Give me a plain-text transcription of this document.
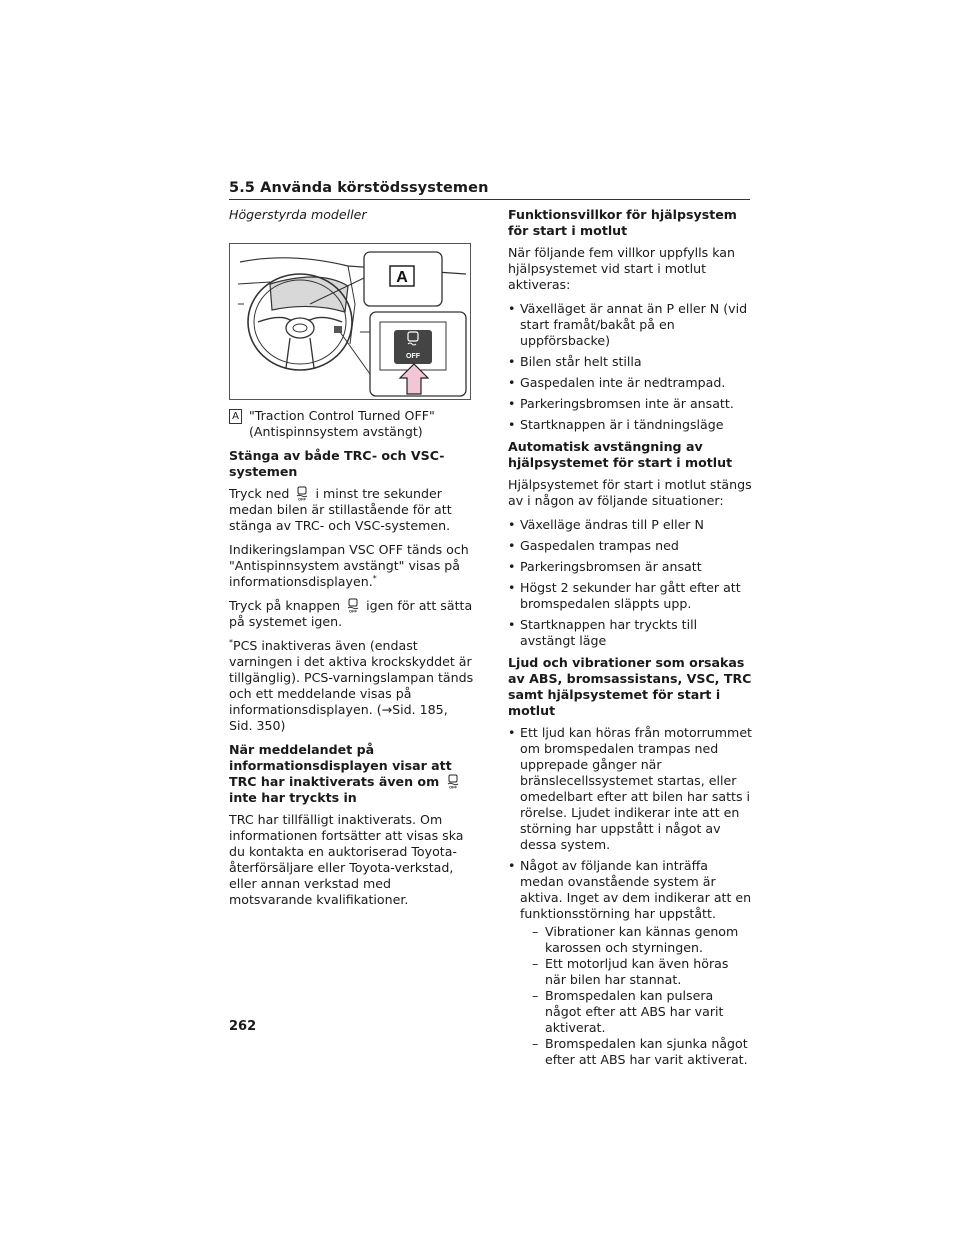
5.5 Använda körstödssystemen

Högerstyrda modeller

A
OFF
A "Traction Control Turned OFF" (Antispinnsystem avstängt)

Stänga av både TRC- och VSC-systemen

Tryck ned OFF i minst tre sekunder medan bilen är stillastående för att stänga av TRC- och VSC-systemen.

Indikeringslampan VSC OFF tänds och "Antispinnsystem avstängt" visas på informationsdisplayen.*

Tryck på knappen OFF igen för att sätta på systemet igen.

*PCS inaktiveras även (endast varningen i det aktiva krockskyddet är tillgänglig). PCS-varningslampan tänds och ett meddelande visas på informationsdisplayen. (→Sid. 185, Sid. 350)

När meddelandet på informationsdisplayen visar att TRC har inaktiverats även om OFF
inte har tryckts in

TRC har tillfälligt inaktiverats. Om informationen fortsätter att visas ska du kontakta en auktoriserad Toyota-återförsäljare eller Toyota-verkstad, eller annan verkstad med motsvarande kvalifikationer.

Funktionsvillkor för hjälpsystem för start i motlut

När följande fem villkor uppfylls kan hjälpsystemet vid start i motlut aktiveras:

• Växelläget är annat än P eller N (vid start framåt/bakåt på en uppförsbacke)
• Bilen står helt stilla
• Gaspedalen inte är nedtrampad.
• Parkeringsbromsen inte är ansatt.
• Startknappen är i tändningsläge

Automatisk avstängning av hjälpsystemet för start i motlut

Hjälpsystemet för start i motlut stängs av i någon av följande situationer:

• Växelläge ändras till P eller N
• Gaspedalen trampas ned
• Parkeringsbromsen är ansatt
• Högst 2 sekunder har gått efter att bromspedalen släppts upp.
• Startknappen har tryckts till avstängt läge

Ljud och vibrationer som orsakas av ABS, bromsassistans, VSC, TRC samt hjälpsystemet för start i motlut

• Ett ljud kan höras från motorrummet om bromspedalen trampas ned upprepade gånger när bränslecellssystemet startas, eller omedelbart efter att bilen har satts i rörelse. Ljudet indikerar inte att en störning har uppstått i något av dessa system.
• Något av följande kan inträffa medan ovanstående system är aktiva. Inget av dem indikerar att en funktionsstörning har uppstått.
– Vibrationer kan kännas genom karossen och styrningen.
– Ett motorljud kan även höras när bilen har stannat.
– Bromspedalen kan pulsera något efter att ABS har varit aktiverat.
– Bromspedalen kan sjunka något efter att ABS har varit aktiverat.
262
